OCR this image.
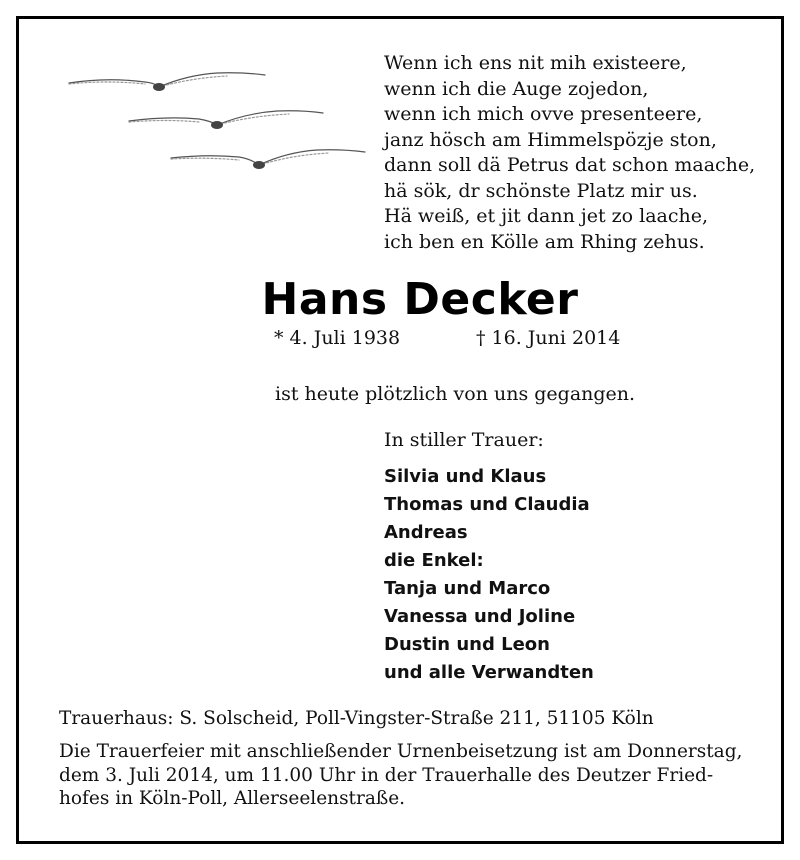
Wenn ich ens nit mih existeere,
wenn ich die Auge zojedon,
wenn ich mich ovve presenteere,
janz hösch am Himmelspözje ston,
dann soll dä Petrus dat schon maache,
hä sök, dr schönste Platz mir us.
Hä weiß, et jit dann jet zo laache,
ich ben en Kölle am Rhing zehus.
Hans Decker
* 4. Juli 1938	† 16. Juni 2014
ist heute plötzlich von uns gegangen.
In stiller Trauer:
Silvia und Klaus
Thomas und Claudia
Andreas
die Enkel:
Tanja und Marco
Vanessa und Joline
Dustin und Leon
und alle Verwandten
Trauerhaus: S. Solscheid, Poll-Vingster-Straße 211, 51105 Köln
Die Trauerfeier mit anschließender Urnenbeisetzung ist am Donnerstag,
dem 3. Juli 2014, um 11.00 Uhr in der Trauerhalle des Deutzer Fried-
hofes in Köln-Poll, Allerseelenstraße.
